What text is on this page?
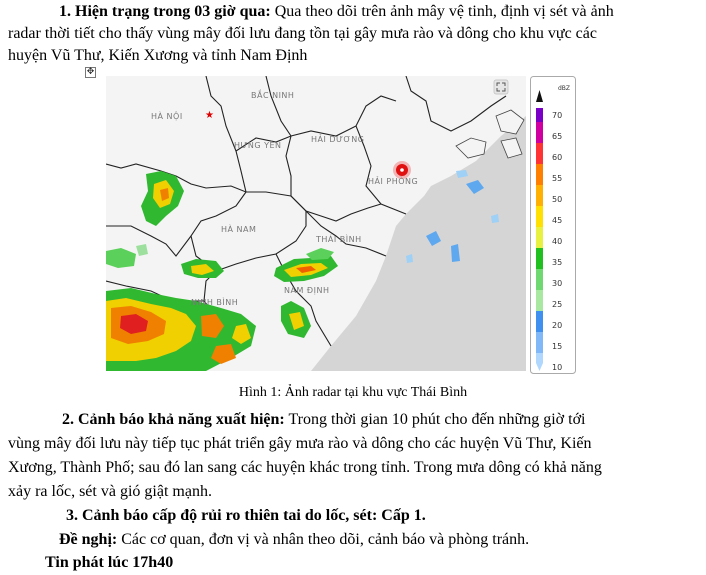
1. Hiện trạng trong 03 giờ qua: Qua theo dõi trên ảnh mây vệ tinh, định vị sét và ảnh
radar thời tiết cho thấy vùng mây đối lưu đang tồn tại gây mưa rào và dông cho khu vực các
huyện Vũ Thư, Kiến Xương và tỉnh Nam Định
✥
★
HÀ NỘI
BẮC NINH
HƯNG YÊN
HẢI DƯƠNG
HẢI PHÒNG
HÀ NAM
THÁI BÌNH
NAM ĐỊNH
NINH BÌNH
dBZ
70
65
60
55
50
45
40
35
30
25
20
15
10
Hình 1: Ảnh radar tại khu vực Thái Bình
2. Cảnh báo khả năng xuất hiện: Trong thời gian 10 phút cho đến những giờ tới
vùng mây đối lưu này tiếp tục phát triển gây mưa rào và dông cho các huyện Vũ Thư, Kiến
Xương, Thành Phố; sau đó lan sang các huyện khác trong tỉnh. Trong mưa dông có khả năng
xảy ra lốc, sét và gió giật mạnh.
3. Cảnh báo cấp độ rủi ro thiên tai do lốc, sét: Cấp 1.
Đề nghị: Các cơ quan, đơn vị và nhân theo dõi, cảnh báo và phòng tránh.
Tin phát lúc 17h40
